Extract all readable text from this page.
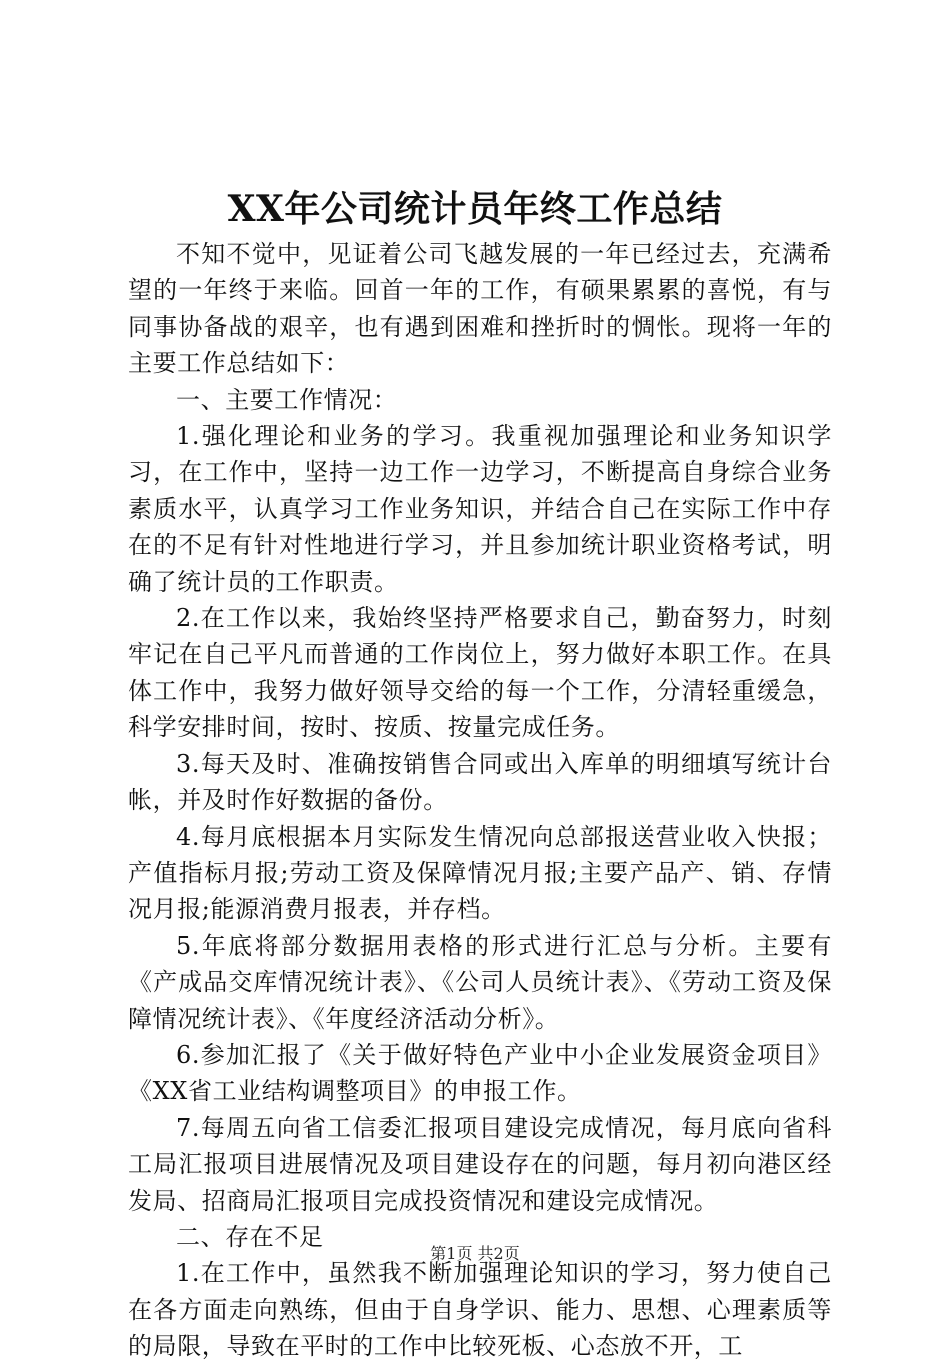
XX年公司统计员年终工作总结

不知不觉中，见证着公司飞越发展的一年已经过去，充满希望的一年终于来临。回首一年的工作，有硕果累累的喜悦，有与同事协备战的艰辛，也有遇到困难和挫折时的惆怅。现将一年的主要工作总结如下：

一、主要工作情况：

1.强化理论和业务的学习。我重视加强理论和业务知识学习，在工作中，坚持一边工作一边学习，不断提高自身综合业务素质水平，认真学习工作业务知识，并结合自己在实际工作中存在的不足有针对性地进行学习，并且参加统计职业资格考试，明确了统计员的工作职责。

2.在工作以来，我始终坚持严格要求自己，勤奋努力，时刻牢记在自己平凡而普通的工作岗位上，努力做好本职工作。在具体工作中，我努力做好领导交给的每一个工作，分清轻重缓急，科学安排时间，按时、按质、按量完成任务。

3.每天及时、准确按销售合同或出入库单的明细填写统计台帐，并及时作好数据的备份。

4.每月底根据本月实际发生情况向总部报送营业收入快报；产值指标月报;劳动工资及保障情况月报;主要产品产、销、存情况月报;能源消费月报表，并存档。

5.年底将部分数据用表格的形式进行汇总与分析。主要有《产成品交库情况统计表》、《公司人员统计表》、《劳动工资及保障情况统计表》、《年度经济活动分析》。

6.参加汇报了《关于做好特色产业中小企业发展资金项目》《XX省工业结构调整项目》的申报工作。

7.每周五向省工信委汇报项目建设完成情况，每月底向省科工局汇报项目进展情况及项目建设存在的问题，每月初向港区经发局、招商局汇报项目完成投资情况和建设完成情况。

二、存在不足

1.在工作中，虽然我不断加强理论知识的学习，努力使自己在各方面走向熟练，但由于自身学识、能力、思想、心理素质等的局限，导致在平时的工作中比较死板、心态放不开，工

第1页 共2页
